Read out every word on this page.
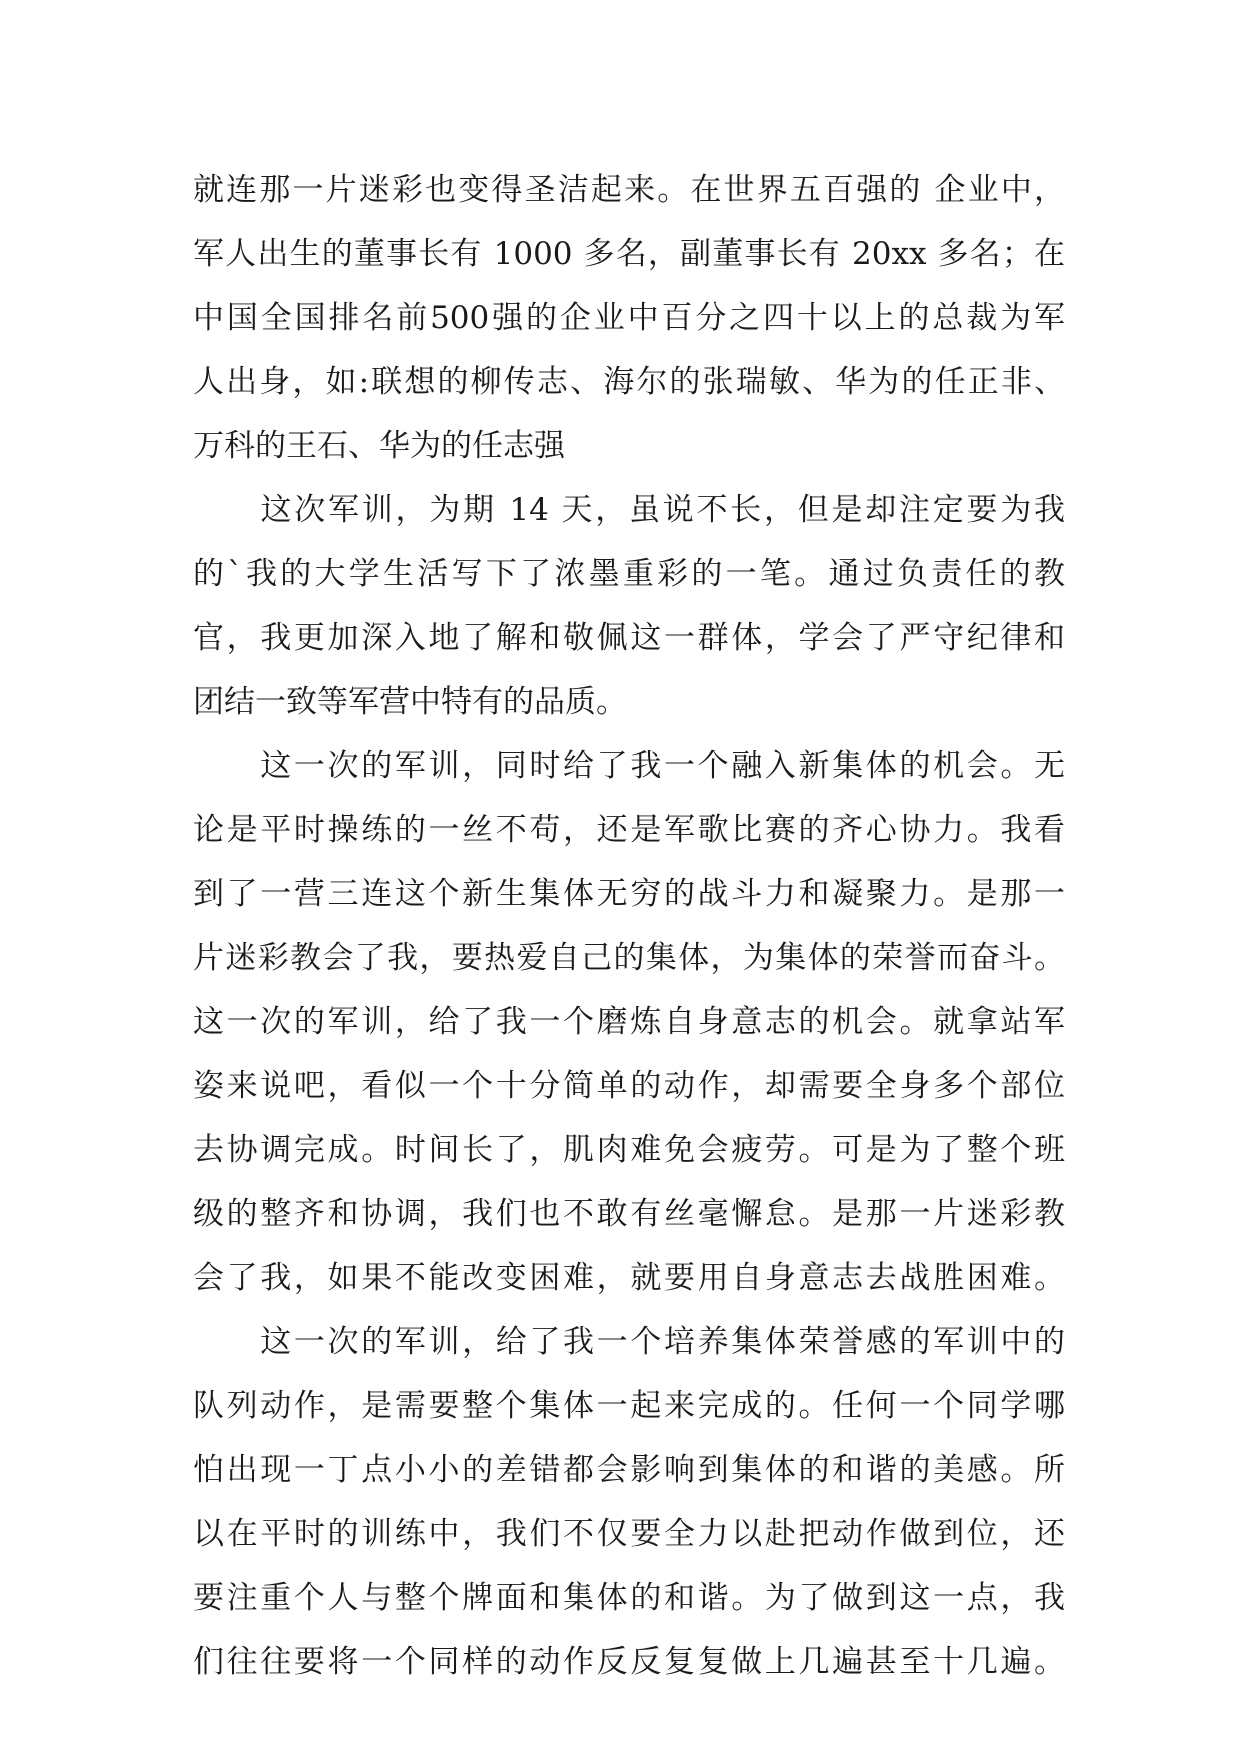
就连那一片迷彩也变得圣洁起来。在世界五百强的 企业中，
军人出生的董事长有 1000 多名，副董事长有 20xx 多名；在
中国全国排名前500强的企业中百分之四十以上的总裁为军
人出身，如:联想的柳传志、海尔的张瑞敏、华为的任正非、
万科的王石、华为的任志强
　　这次军训，为期 14 天，虽说不长，但是却注定要为我
的`我的大学生活写下了浓墨重彩的一笔。通过负责任的教
官，我更加深入地了解和敬佩这一群体，学会了严守纪律和
团结一致等军营中特有的品质。
　　这一次的军训，同时给了我一个融入新集体的机会。无
论是平时操练的一丝不苟，还是军歌比赛的齐心协力。我看
到了一营三连这个新生集体无穷的战斗力和凝聚力。是那一
片迷彩教会了我，要热爱自己的集体，为集体的荣誉而奋斗。
这一次的军训，给了我一个磨炼自身意志的机会。就拿站军
姿来说吧，看似一个十分简单的动作，却需要全身多个部位
去协调完成。时间长了，肌肉难免会疲劳。可是为了整个班
级的整齐和协调，我们也不敢有丝毫懈怠。是那一片迷彩教
会了我，如果不能改变困难，就要用自身意志去战胜困难。
　　这一次的军训，给了我一个培养集体荣誉感的军训中的
队列动作，是需要整个集体一起来完成的。任何一个同学哪
怕出现一丁点小小的差错都会影响到集体的和谐的美感。所
以在平时的训练中，我们不仅要全力以赴把动作做到位，还
要注重个人与整个牌面和集体的和谐。为了做到这一点，我
们往往要将一个同样的动作反反复复做上几遍甚至十几遍。
